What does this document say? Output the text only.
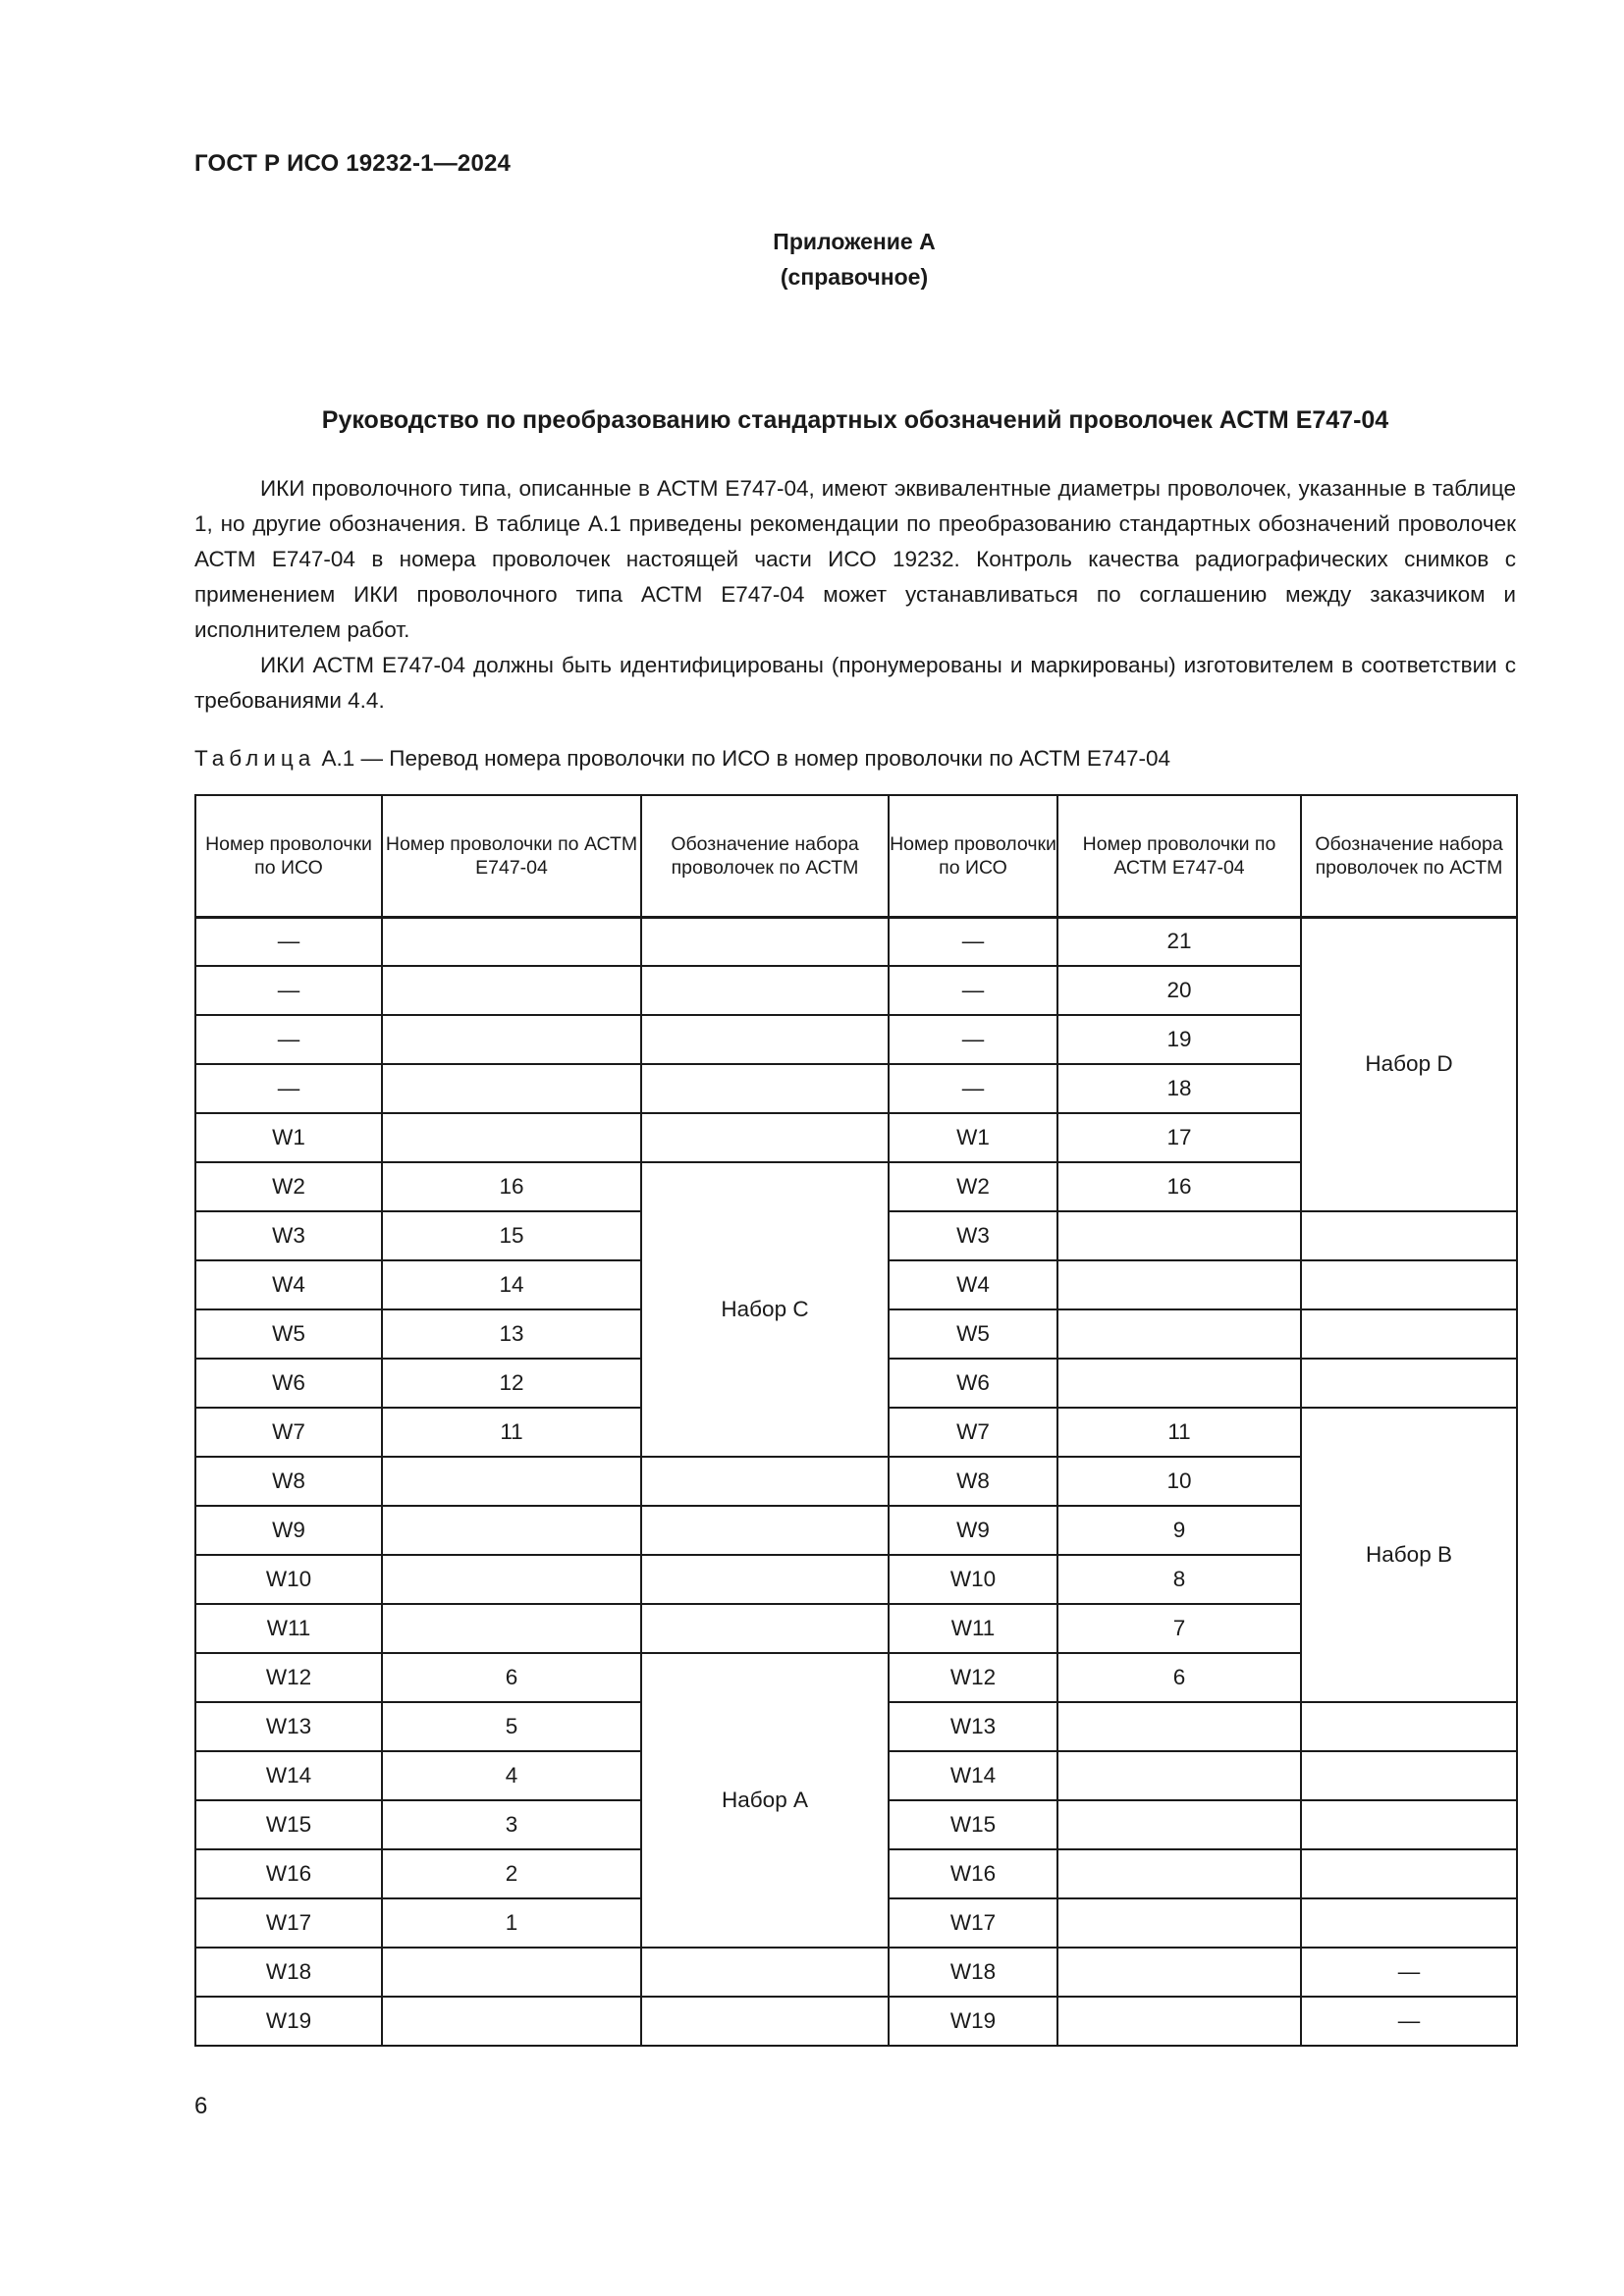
ГОСТ Р ИСО 19232-1—2024
Приложение А
(справочное)
Руководство по преобразованию стандартных обозначений проволочек АСТМ Е747-04

ИКИ проволочного типа, описанные в АСТМ Е747-04, имеют эквивалентные диаметры проволочек, указанные в таблице 1, но другие обозначения. В таблице А.1 приведены рекомендации по преобразованию стандартных обозначений проволочек АСТМ Е747-04 в номера проволочек настоящей части ИСО 19232. Контроль качества радиографических снимков с применением ИКИ проволочного типа АСТМ Е747-04 может устанавливаться по соглашению между заказчиком и исполнителем работ.

ИКИ АСТМ Е747-04 должны быть идентифицированы (пронумерованы и маркированы) изготовителем в соответствии с требованиями 4.4.

Таблица А.1 — Перевод номера проволочки по ИСО в номер проволочки по АСТМ Е747-04
Номер проволочки по ИСО	Номер проволочки по АСТМ Е747-04	Обозначение набора проволочек по АСТМ	Номер проволочки по ИСО	Номер проволочки по АСТМ Е747-04	Обозначение набора проволочек по АСТМ
—			—	21	Набор D
—			—	20	
—			—	19	
—			—	18	
W1			W1	17	
W2	16	Набор С	W2	16	
W3	15		W3		
W4	14		W4		
W5	13		W5		
W6	12		W6		
W7	11		W7	11	Набор В
W8			W8	10	
W9			W9	9	
W10			W10	8	
W11			W11	7	
W12	6	Набор А	W12	6	
W13	5		W13		
W14	4		W14		
W15	3		W15		
W16	2		W16		
W17	1		W17		
W18			W18		—
W19			W19		—
6
